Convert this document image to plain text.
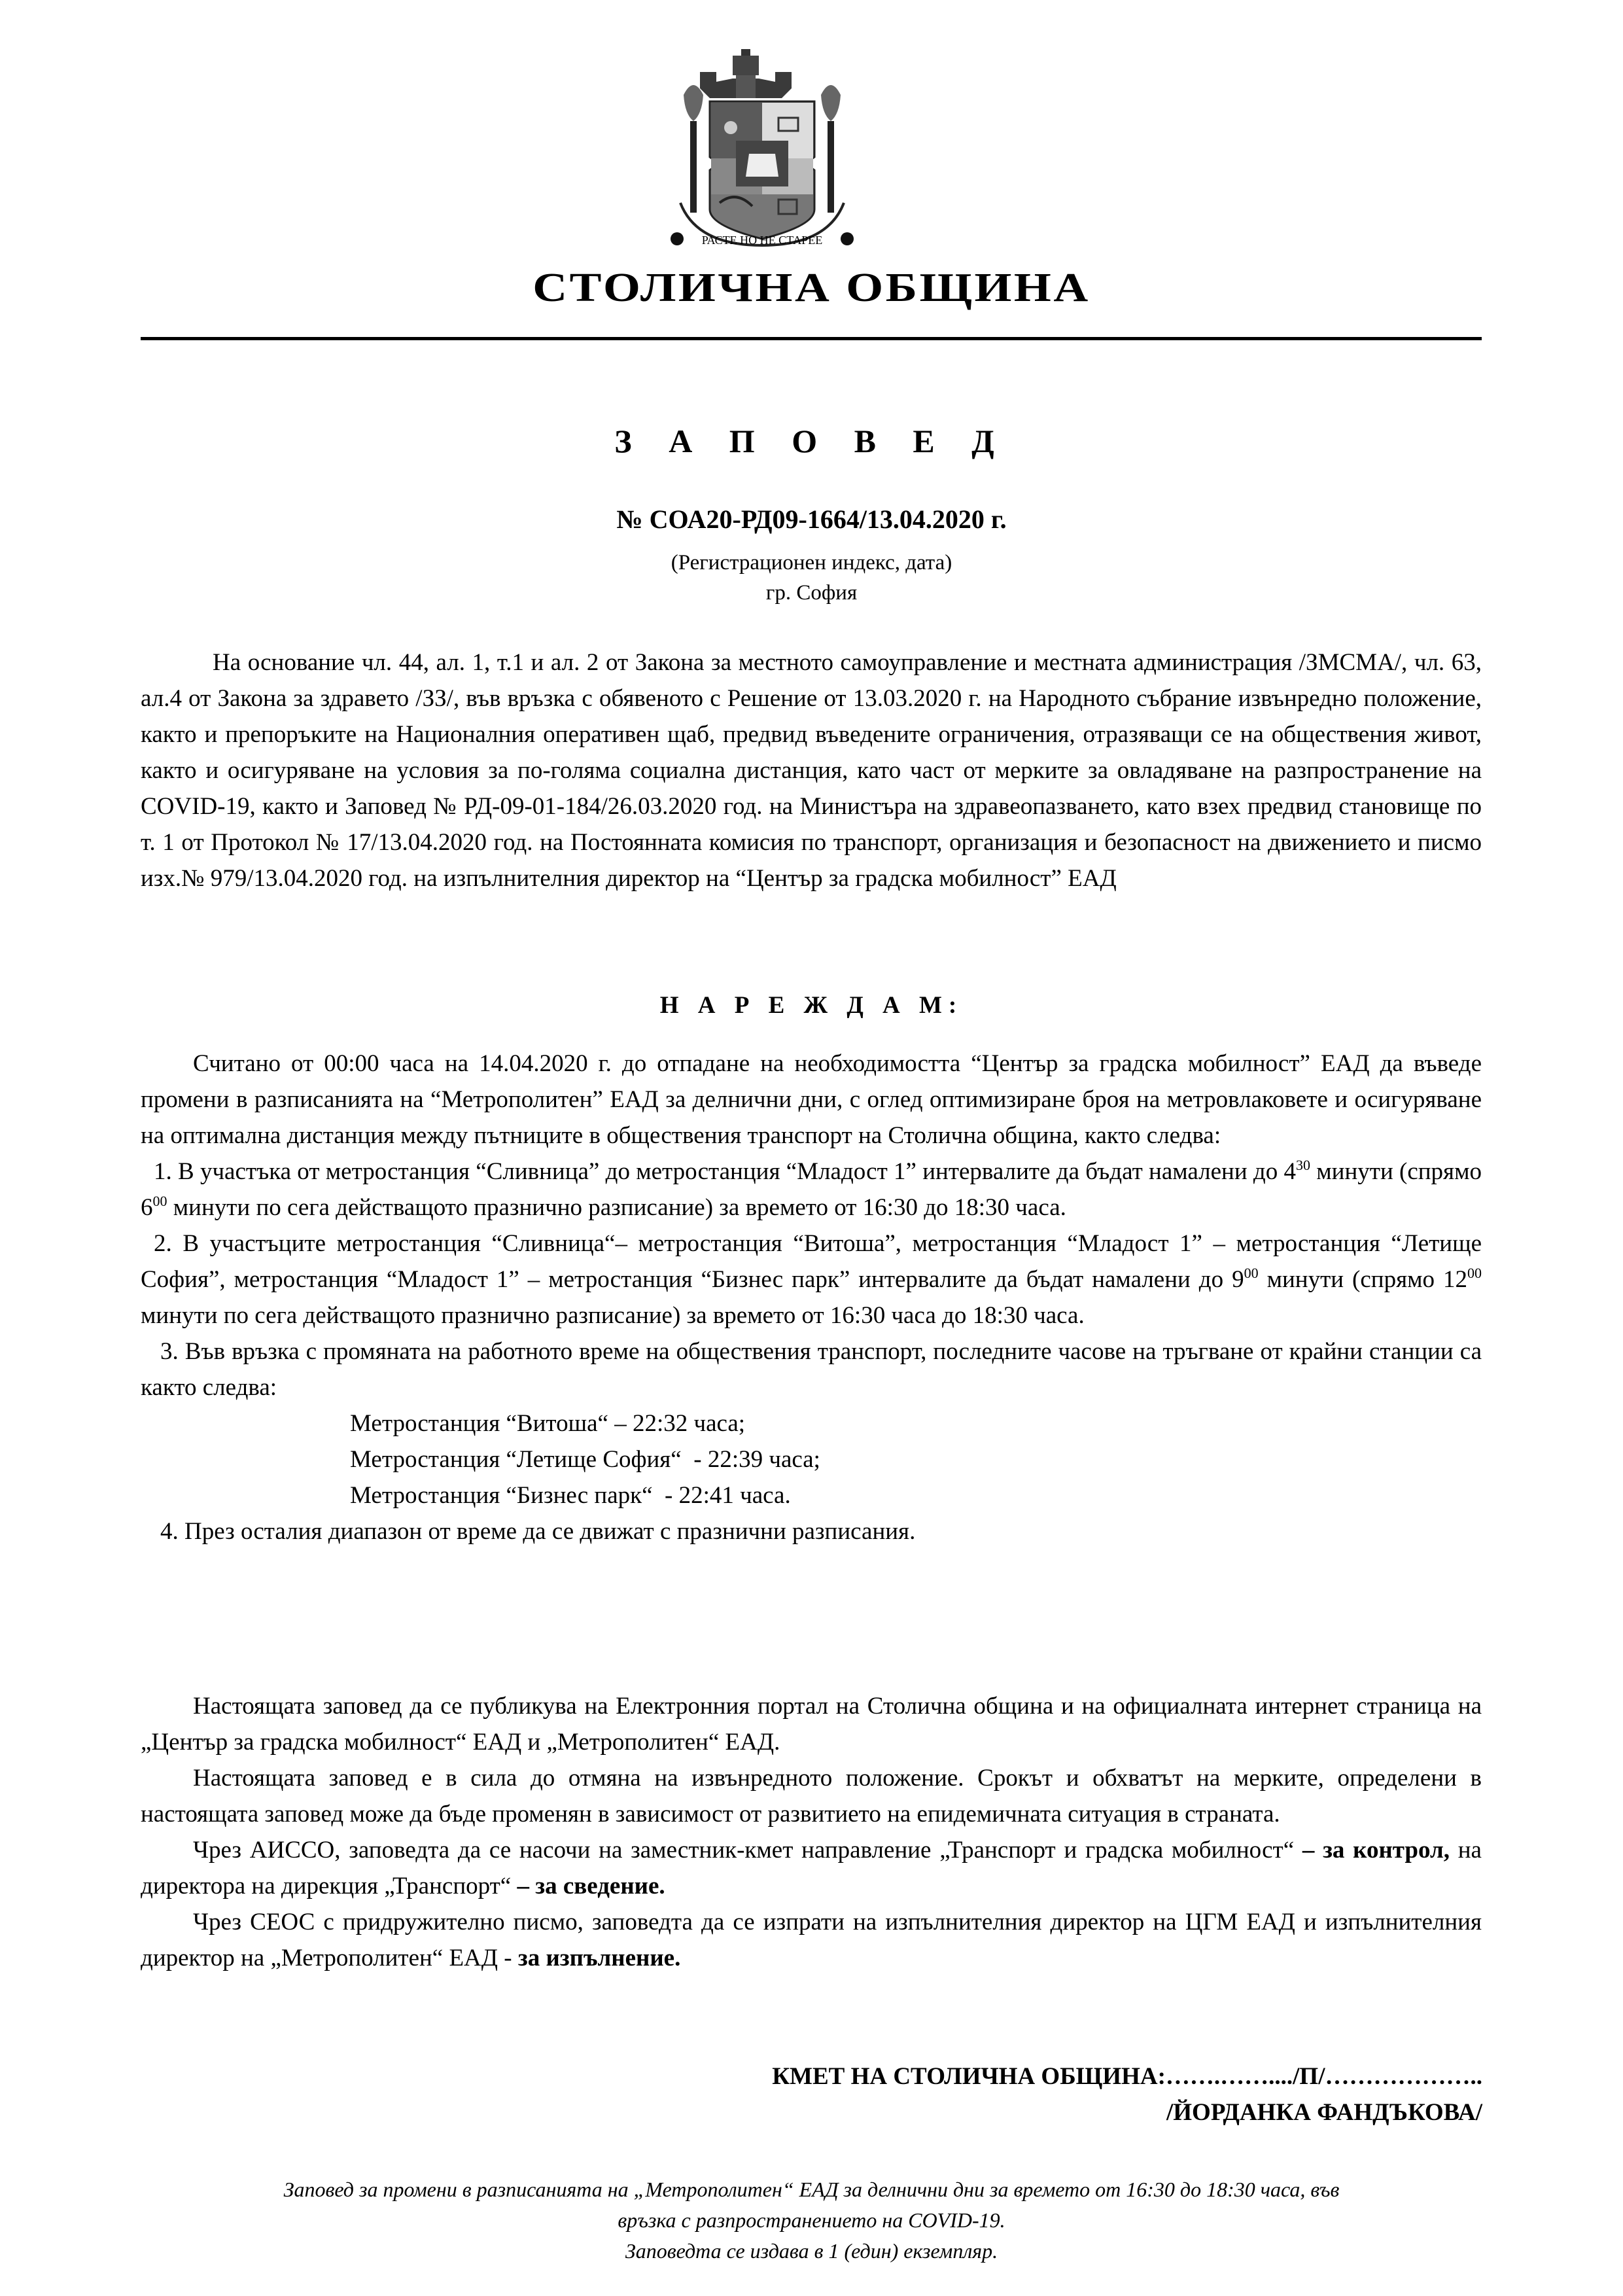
РАСТЕ НО НЕ СТАРЕЕ
СТОЛИЧНА ОБЩИНА
З А П О В Е Д
№ СОА20-РД09-1664/13.04.2020 г.
(Регистрационен индекс, дата)
гр. София
На основание чл. 44, ал. 1, т.1 и ал. 2 от Закона за местното самоуправление и местната администрация /ЗМСМА/, чл. 63, ал.4 от Закона за здравето /ЗЗ/, във връзка с обявеното с Решение от 13.03.2020 г. на Народното събрание извънредно положение, както и препоръките на Националния оперативен щаб, предвид въведените ограничения, отразяващи се на обществения живот, както и осигуряване на условия за по-голяма социална дистанция, като част от мерките за овладяване на разпространение на COVID-19, както и Заповед № РД-09-01-184/26.03.2020 год. на Министъра на здравеопазването, като взех предвид становище по т. 1 от Протокол № 17/13.04.2020 год. на Постоянната комисия по транспорт, организация и безопасност на движението и писмо изх.№ 979/13.04.2020 год. на изпълнителния директор на “Център за градска мобилност” ЕАД
Н А Р Е Ж Д А М:
Считано от 00:00 часа на 14.04.2020 г. до отпадане на необходимостта “Център за градска мобилност” ЕАД да въведе промени в разписанията на “Метрополитен” ЕАД за делнични дни, с оглед оптимизиране броя на метровлаковете и осигуряване на оптимална дистанция между пътниците в обществения транспорт на Столична община, както следва:
1. В участъка от метростанция “Сливница” до метростанция “Младост 1” интервалите да бъдат намалени до $4^{30}$ минути (спрямо $6^{00}$ минути по сега действащото празнично разписание) за времето от 16:30 до 18:30 часа.
2. В участъците метростанция “Сливница“– метростанция “Витоша”, метростанция “Младост 1” – метростанция “Летище София”, метростанция “Младост 1” – метростанция “Бизнес парк” интервалите да бъдат намалени до $9^{00}$ минути (спрямо $12^{00}$ минути по сега действащото празнично разписание) за времето от 16:30 часа до 18:30 часа.
3. Във връзка с промяната на работното време на обществения транспорт, последните часове на тръгване от крайни станции са както следва:
Метростанция “Витоша“ – 22:32 часа;
Метростанция “Летище София“  - 22:39 часа;
Метростанция “Бизнес парк“  - 22:41 часа.
4. През осталия диапазон от време да се движат с празнични разписания.
Настоящата заповед да се публикува на Електронния портал на Столична община и на официалната интернет страница на „Център за градска мобилност“ ЕАД и „Метрополитен“ ЕАД.
Настоящата заповед е в сила до отмяна на извънредното положение. Срокът и обхватът на мерките, определени в настоящата заповед може да бъде променян в зависимост от развитието на епидемичната ситуация в страната.
Чрез АИССО, заповедта да се насочи на заместник-кмет направление „Транспорт и градска мобилност“ – за контрол, на директора на дирекция „Транспорт“ – за сведение.
Чрез СЕОС с придружително писмо, заповедта да се изпрати на изпълнителния директор на ЦГМ ЕАД и изпълнителния директор на „Метрополитен“ ЕАД - за изпълнение.
КМЕТ НА СТОЛИЧНА ОБЩИНА:…….……..../П/………………..
/ЙОРДАНКА ФАНДЪКОВА/
Заповед за промени в разписанията на „Метрополитен“ ЕАД за делнични дни за времето от 16:30 до 18:30 часа, във
връзка с разпространението на COVID-19.
Заповедта се издава в 1 (един) екземпляр.
